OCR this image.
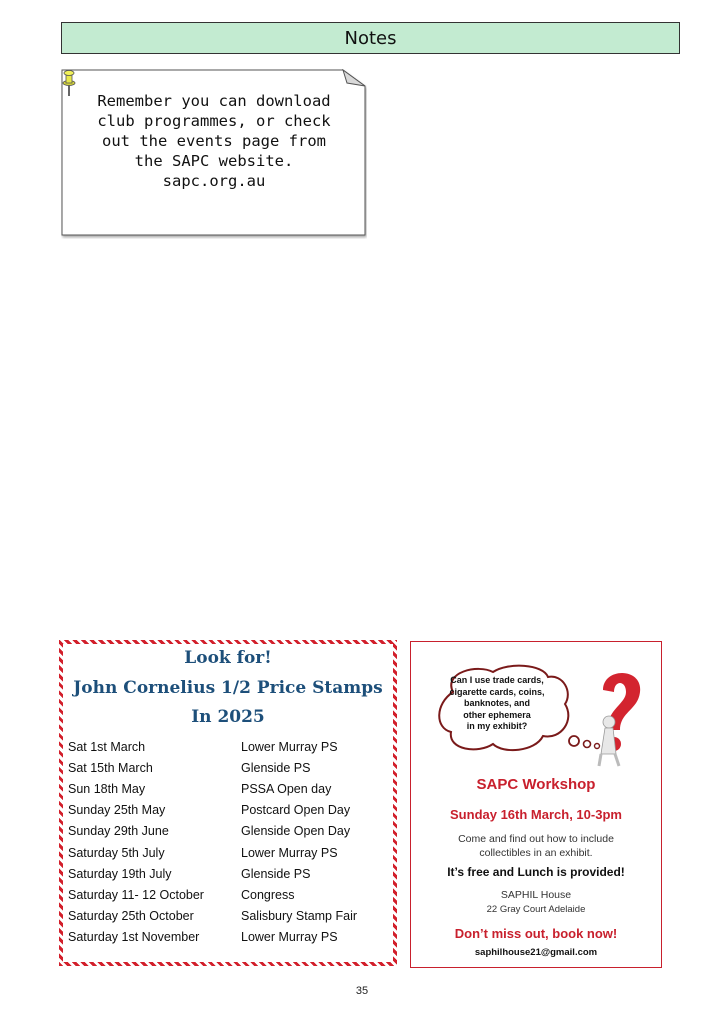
Notes
Remember you can download
club programmes, or check
out the events page from
the SAPC website.
sapc.org.au
Look for!
John Cornelius 1/2 Price Stamps
In 2025
Sat 1st March	Lower Murray PS
Sat 15th March	Glenside PS
Sun 18th May	PSSA Open day
Sunday 25th May	Postcard Open Day
Sunday 29th June	Glenside Open Day
Saturday 5th July	Lower Murray PS
Saturday 19th July	Glenside PS
Saturday 11- 12 October	Congress
Saturday 25th October	Salisbury Stamp Fair
Saturday 1st November	Lower Murray PS
Can I use trade cards,
cigarette cards, coins,
banknotes, and
other ephemera
in my exhibit?
SAPC Workshop
Sunday 16th March, 10-3pm
Come and find out how to include
collectibles in an exhibit.
It’s free and Lunch is provided!
SAPHIL House
22 Gray Court Adelaide
Don’t miss out, book now!
saphilhouse21@gmail.com
35
